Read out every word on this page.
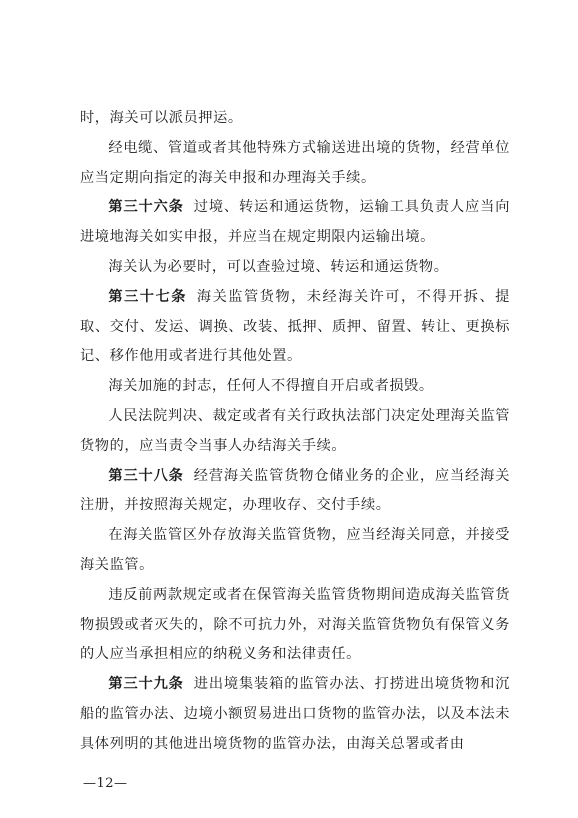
时，海关可以派员押运。

经电缆、管道或者其他特殊方式输送进出境的货物，经营单位应当定期向指定的海关申报和办理海关手续。

第三十六条 过境、转运和通运货物，运输工具负责人应当向进境地海关如实申报，并应当在规定期限内运输出境。

海关认为必要时，可以查验过境、转运和通运货物。

第三十七条 海关监管货物，未经海关许可，不得开拆、提取、交付、发运、调换、改装、抵押、质押、留置、转让、更换标记、移作他用或者进行其他处置。

海关加施的封志，任何人不得擅自开启或者损毁。

人民法院判决、裁定或者有关行政执法部门决定处理海关监管货物的，应当责令当事人办结海关手续。

第三十八条 经营海关监管货物仓储业务的企业，应当经海关注册，并按照海关规定，办理收存、交付手续。

在海关监管区外存放海关监管货物，应当经海关同意，并接受海关监管。

违反前两款规定或者在保管海关监管货物期间造成海关监管货物损毁或者灭失的，除不可抗力外，对海关监管货物负有保管义务的人应当承担相应的纳税义务和法律责任。

第三十九条 进出境集装箱的监管办法、打捞进出境货物和沉船的监管办法、边境小额贸易进出口货物的监管办法，以及本法未具体列明的其他进出境货物的监管办法，由海关总署或者由

—12—
